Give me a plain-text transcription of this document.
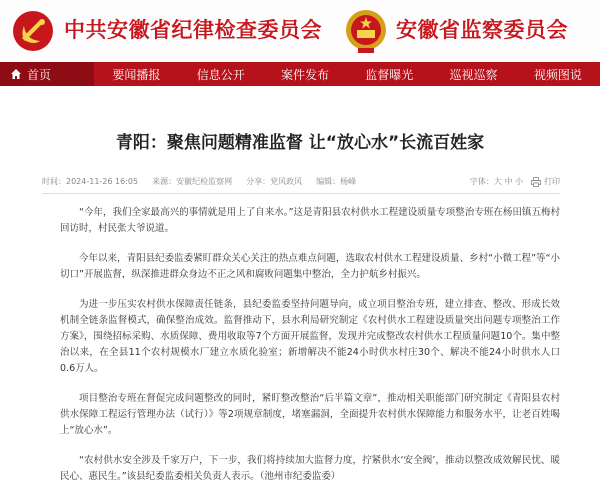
中共安徽省纪律检查委员会	安徽省监察委员会
首页	要闻播报	信息公开	案件发布	监督曝光	巡视巡察	视频图说
青阳：聚焦问题精准监督 让“放心水”长流百姓家
时间：2024-11-26 16:05 来源：安徽纪检监察网 分享：党风政风 编辑：杨峰	字体：大 中 小	打印

“今年，我们全家最高兴的事情就是用上了自来水。”这是青阳县农村供水工程建设质量专项整治专班在杨田镇五梅村回访时，村民张大爷说道。

今年以来，青阳县纪委监委紧盯群众关心关注的热点难点问题，选取农村供水工程建设质量、乡村“小微工程”等“小切口”开展监督，纵深推进群众身边不正之风和腐败问题集中整治，全力护航乡村振兴。

为进一步压实农村供水保障责任链条，县纪委监委坚持问题导向，成立项目整治专班，建立排查、整改、形成长效机制全链条监督模式，确保整治成效。监督推动下，县水利局研究制定《农村供水工程建设质量突出问题专项整治工作方案》，围绕招标采购、水质保障、费用收取等7个方面开展监督，发现并完成整改农村供水工程质量问题10个。集中整治以来，在全县11个农村规模水厂建立水质化验室；新增解决不能24小时供水村庄30个、解决不能24小时供水人口0.6万人。

项目整治专班在督促完成问题整改的同时，紧盯整改整治“后半篇文章”，推动相关职能部门研究制定《青阳县农村供水保障工程运行管理办法（试行）》等2项规章制度，堵塞漏洞，全面提升农村供水保障能力和服务水平，让老百姓喝上“放心水”。

“农村供水安全涉及千家万户，下一步，我们将持续加大监督力度，拧紧供水‘安全阀’，推动以整改成效解民忧、暖民心、惠民生。”该县纪委监委相关负责人表示。（池州市纪委监委）
